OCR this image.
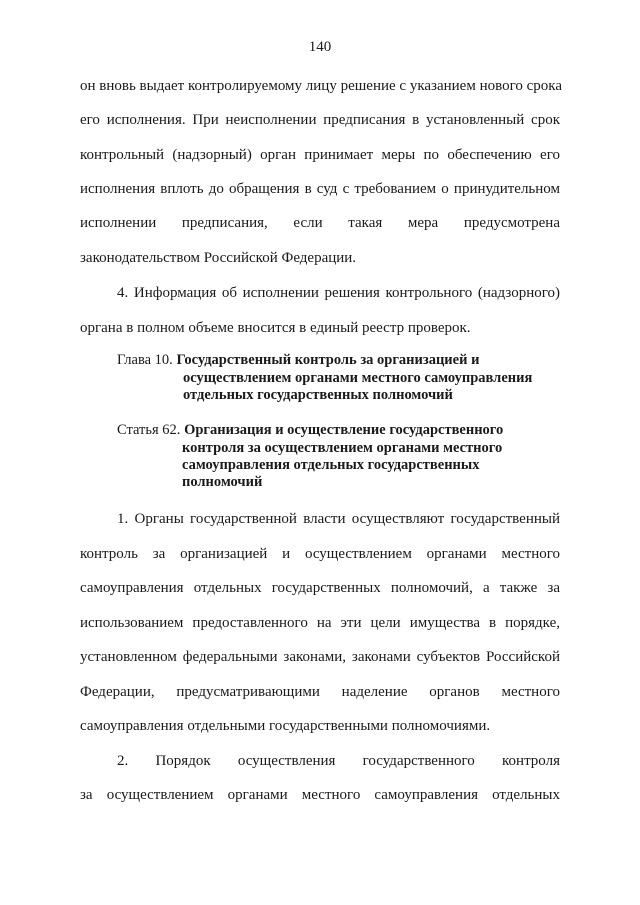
140
он вновь выдает контролируемому лицу решение с указанием нового срока
его исполнения. При неисполнении предписания в установленный срок
контрольный (надзорный) орган принимает меры по обеспечению его
исполнения вплоть до обращения в суд с требованием о принудительном
исполнении предписания, если такая мера предусмотрена
законодательством Российской Федерации.
4. Информация об исполнении решения контрольного (надзорного)
органа в полном объеме вносится в единый реестр проверок.
Глава 10. Государственный контроль за организацией и
осуществлением органами местного самоуправления
отдельных государственных полномочий
Статья 62. Организация и осуществление государственного
контроля за осуществлением органами местного
самоуправления отдельных государственных
полномочий
1. Органы государственной власти осуществляют государственный
контроль за организацией и осуществлением органами местного
самоуправления отдельных государственных полномочий, а также за
использованием предоставленного на эти цели имущества в порядке,
установленном федеральными законами, законами субъектов Российской
Федерации, предусматривающими наделение органов местного
самоуправления отдельными государственными полномочиями.
2. Порядок осуществления государственного контроля
за осуществлением органами местного самоуправления отдельных
